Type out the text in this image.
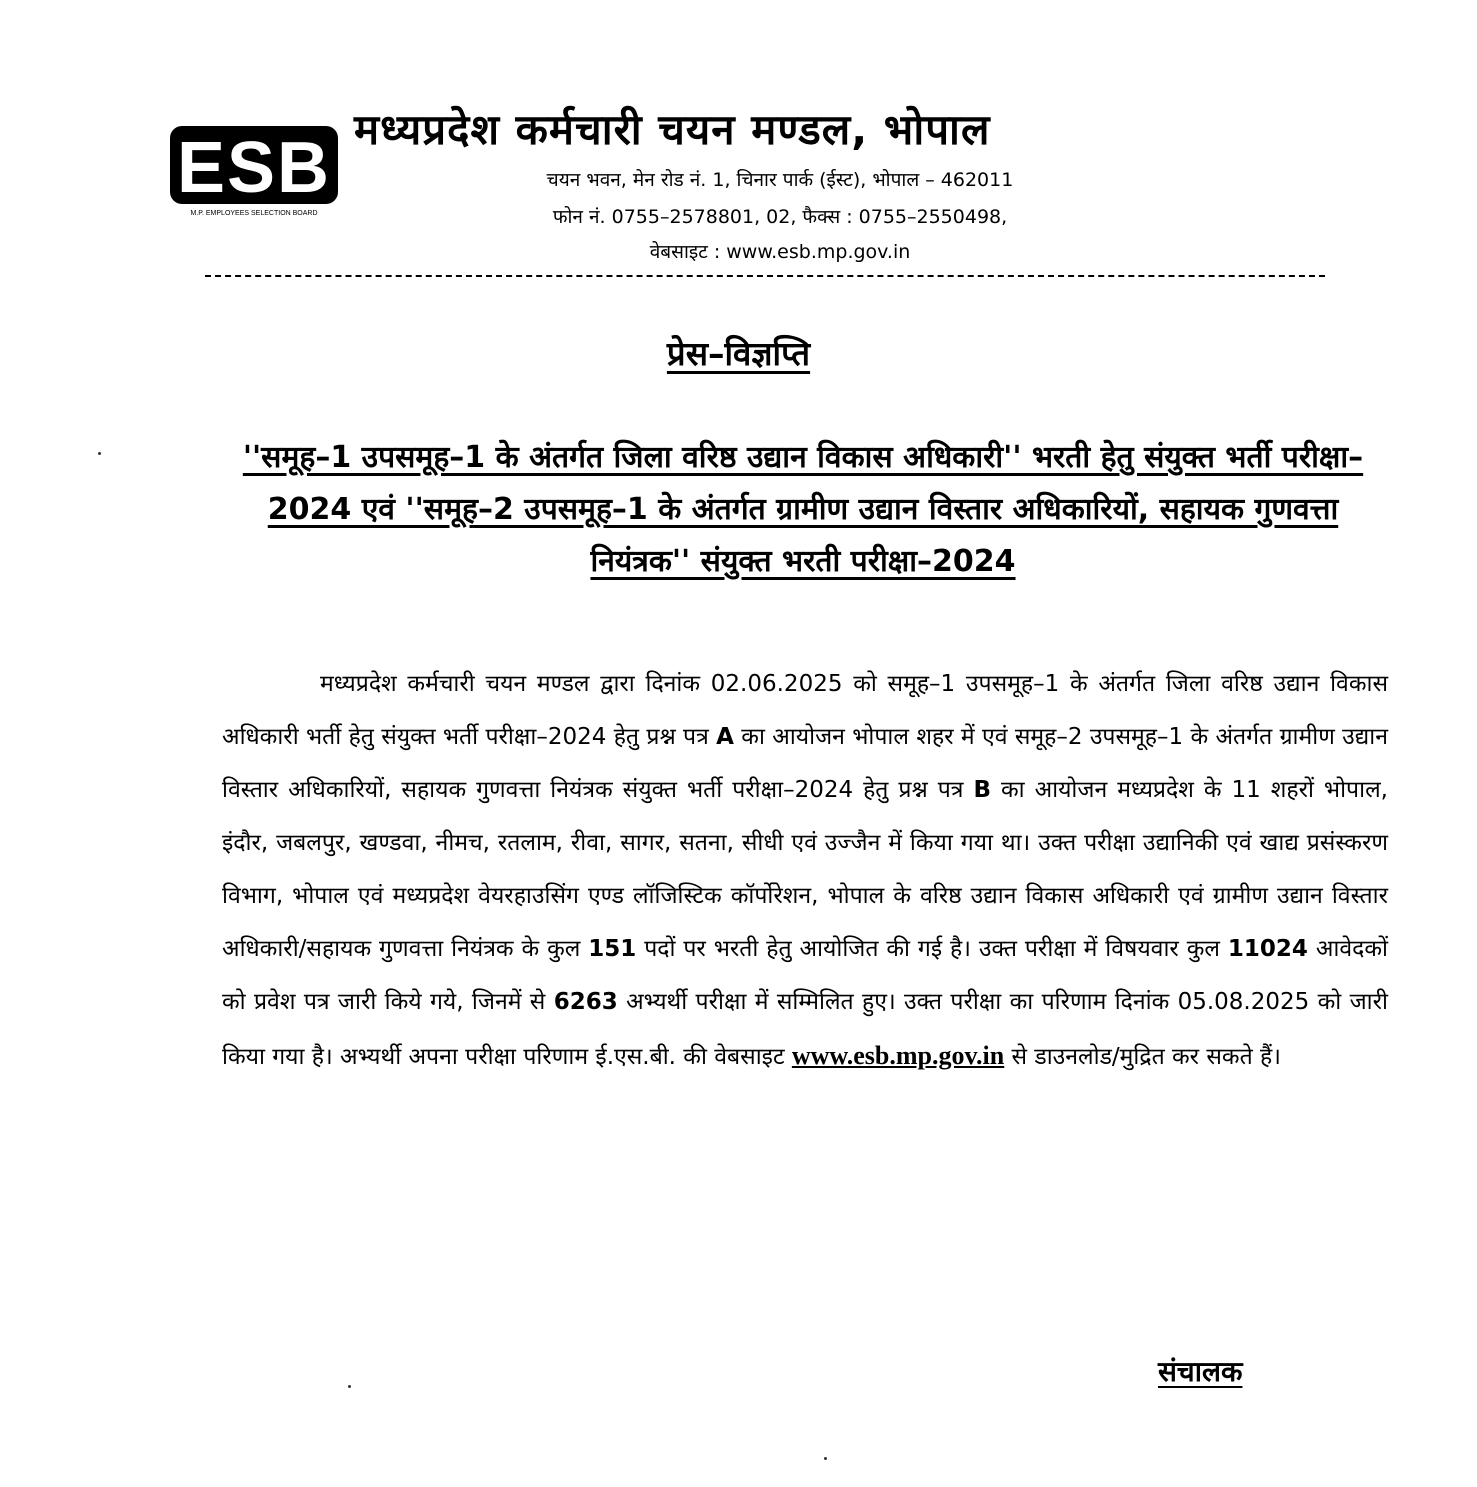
ESB
M.P. EMPLOYEES SELECTION BOARD
मध्यप्रदेश कर्मचारी चयन मण्डल, भोपाल
चयन भवन, मेन रोड नं. 1, चिनार पार्क (ईस्ट), भोपाल – 462011
फोन नं. 0755–2578801, 02, फैक्स : 0755–2550498,
वेबसाइट : www.esb.mp.gov.in
प्रेस–विज्ञप्ति
''समूह–1 उपसमूह–1 के अंतर्गत जिला वरिष्ठ उद्यान विकास अधिकारी'' भरती हेतु संयुक्त भर्ती परीक्षा–2024 एवं ''समूह–2 उपसमूह–1 के अंतर्गत ग्रामीण उद्यान विस्तार अधिकारियों, सहायक गुणवत्ता नियंत्रक'' संयुक्त भरती परीक्षा–2024
मध्यप्रदेश कर्मचारी चयन मण्डल द्वारा दिनांक 02.06.2025 को समूह–1 उपसमूह–1 के अंतर्गत जिला वरिष्ठ उद्यान विकास अधिकारी भर्ती हेतु संयुक्त भर्ती परीक्षा–2024 हेतु प्रश्न पत्र A का आयोजन भोपाल शहर में एवं समूह–2 उपसमूह–1 के अंतर्गत ग्रामीण उद्यान विस्तार अधिकारियों, सहायक गुणवत्ता नियंत्रक संयुक्त भर्ती परीक्षा–2024 हेतु प्रश्न पत्र B का आयोजन मध्यप्रदेश के 11 शहरों भोपाल, इंदौर, जबलपुर, खण्डवा, नीमच, रतलाम, रीवा, सागर, सतना, सीधी एवं उज्जैन में किया गया था। उक्त परीक्षा उद्यानिकी एवं खाद्य प्रसंस्करण विभाग, भोपाल एवं मध्यप्रदेश वेयरहाउसिंग एण्ड लॉजिस्टिक कॉर्पोरेशन, भोपाल के वरिष्ठ उद्यान विकास अधिकारी एवं ग्रामीण उद्यान विस्तार अधिकारी/सहायक गुणवत्ता नियंत्रक के कुल 151 पदों पर भरती हेतु आयोजित की गई है। उक्त परीक्षा में विषयवार कुल 11024 आवेदकों को प्रवेश पत्र जारी किये गये, जिनमें से 6263 अभ्यर्थी परीक्षा में सम्मिलित हुए। उक्त परीक्षा का परिणाम दिनांक 05.08.2025 को जारी किया गया है। अभ्यर्थी अपना परीक्षा परिणाम ई.एस.बी. की वेबसाइट www.esb.mp.gov.in से डाउनलोड/मुद्रित कर सकते हैं।
संचालक
